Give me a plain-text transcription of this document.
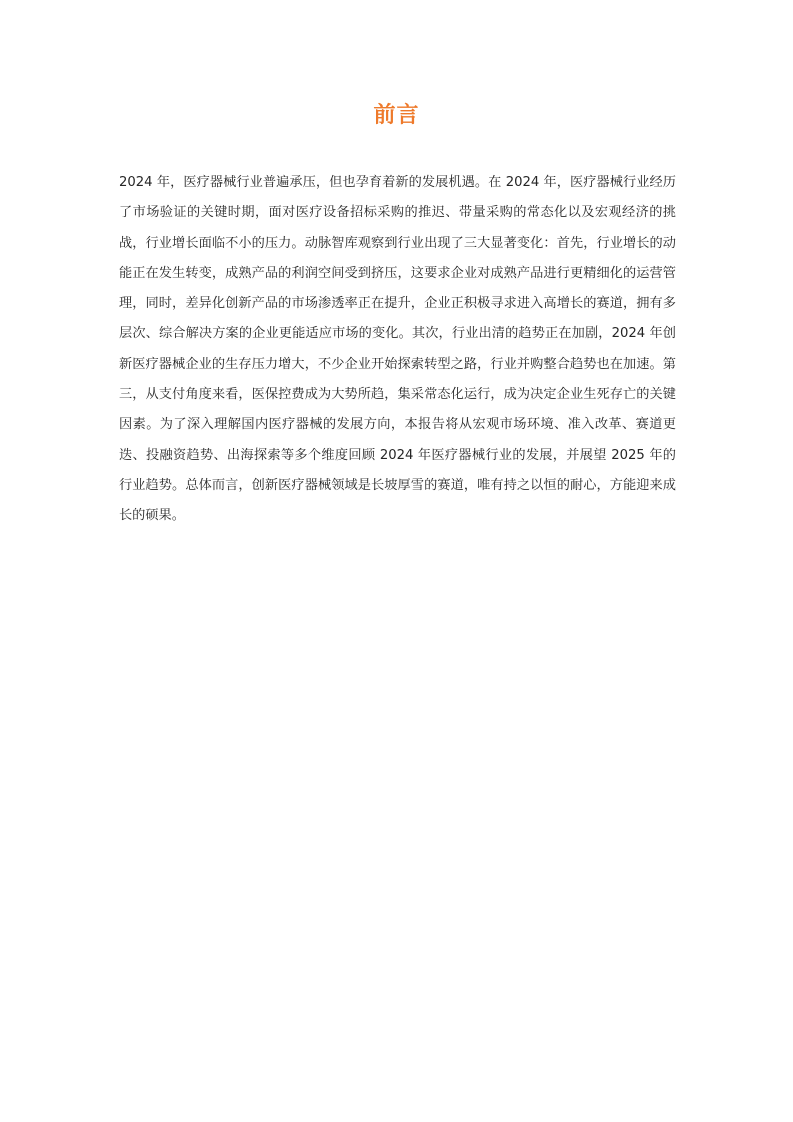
前言

2024 年，医疗器械行业普遍承压，但也孕育着新的发展机遇。在 2024 年，医疗器械行业经历了市场验证的关键时期，面对医疗设备招标采购的推迟、带量采购的常态化以及宏观经济的挑战，行业增长面临不小的压力。动脉智库观察到行业出现了三大显著变化：首先，行业增长的动能正在发生转变，成熟产品的利润空间受到挤压，这要求企业对成熟产品进行更精细化的运营管理，同时，差异化创新产品的市场渗透率正在提升，企业正积极寻求进入高增长的赛道，拥有多层次、综合解决方案的企业更能适应市场的变化。其次，行业出清的趋势正在加剧，2024 年创新医疗器械企业的生存压力增大，不少企业开始探索转型之路，行业并购整合趋势也在加速。第三，从支付角度来看，医保控费成为大势所趋，集采常态化运行，成为决定企业生死存亡的关键因素。为了深入理解国内医疗器械的发展方向，本报告将从宏观市场环境、准入改革、赛道更迭、投融资趋势、出海探索等多个维度回顾 2024 年医疗器械行业的发展，并展望 2025 年的行业趋势。总体而言，创新医疗器械领域是长坡厚雪的赛道，唯有持之以恒的耐心，方能迎来成长的硕果。
